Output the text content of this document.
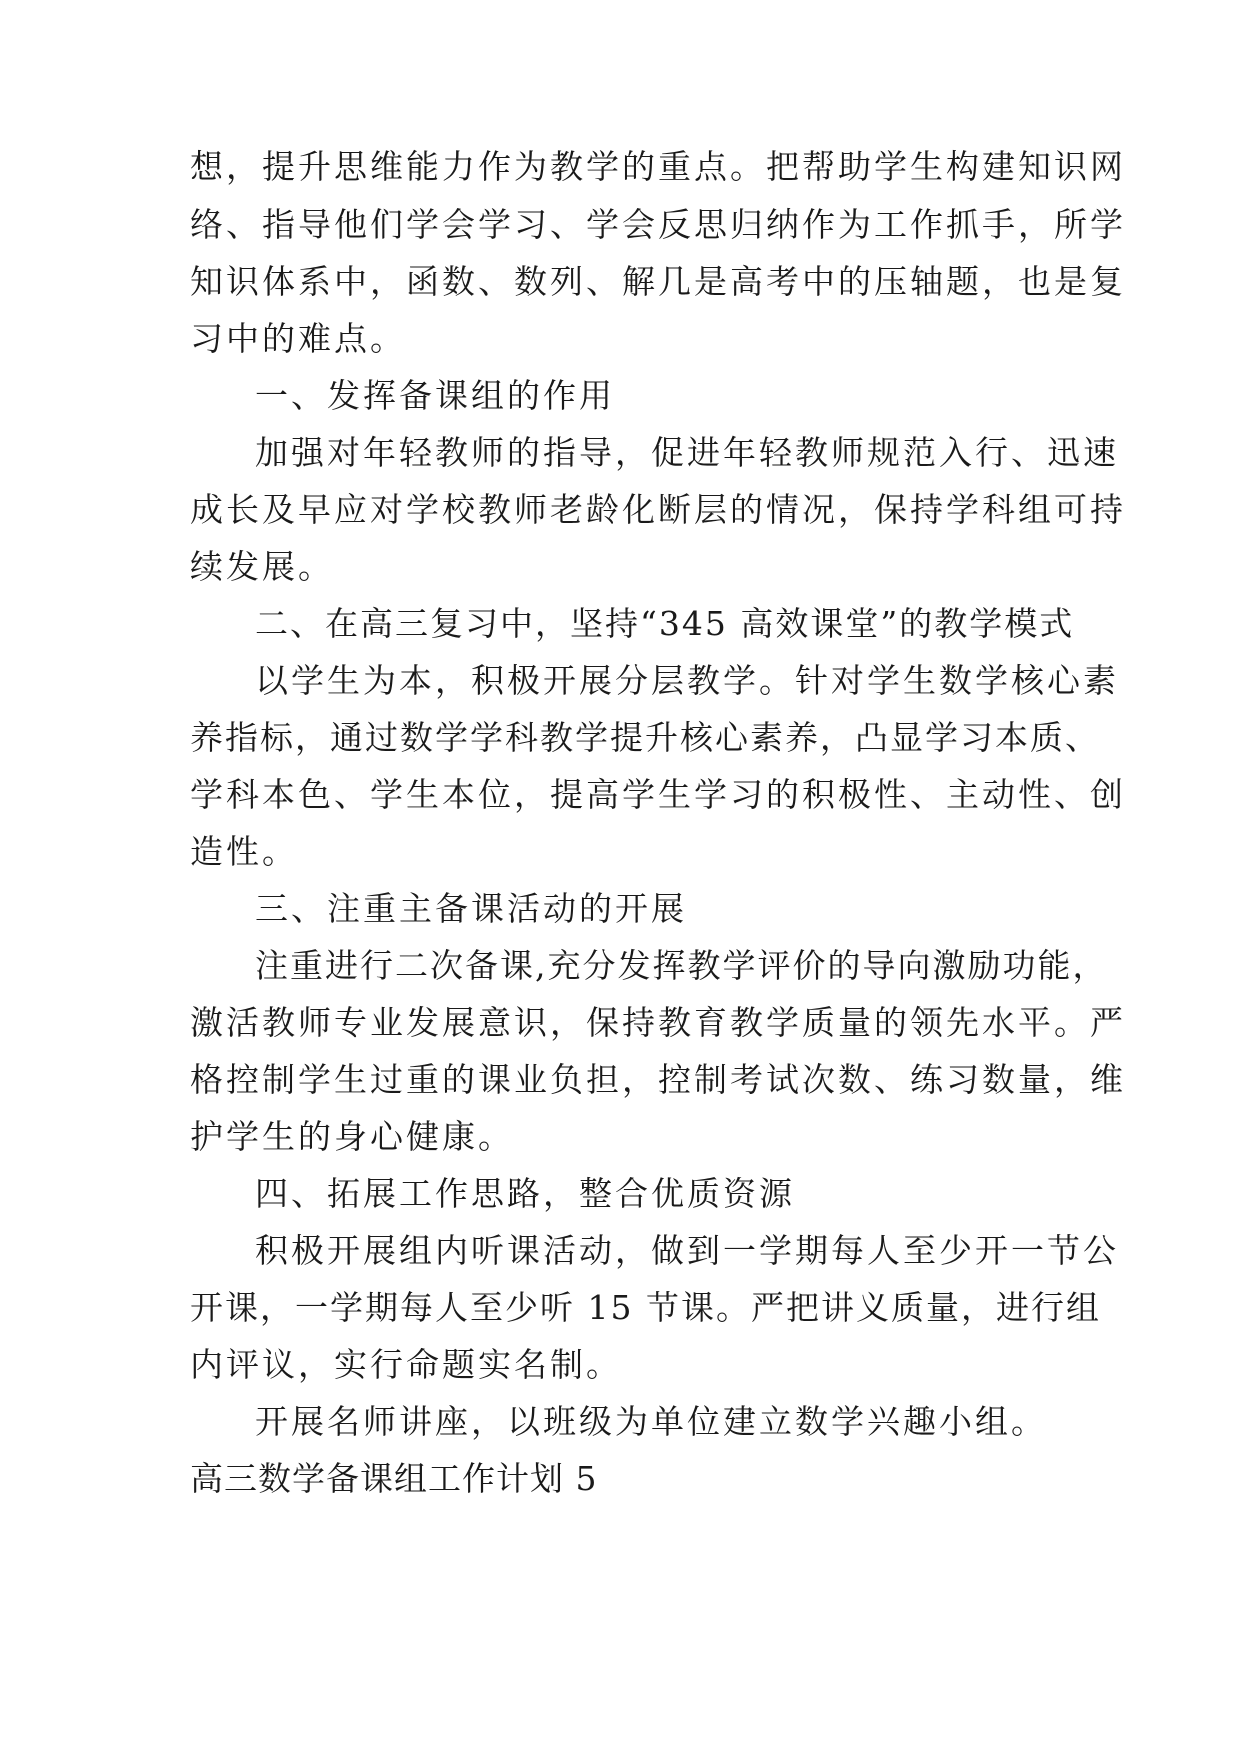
想，提升思维能力作为教学的重点。把帮助学生构建知识网
络、指导他们学会学习、学会反思归纳作为工作抓手，所学
知识体系中，函数、数列、解几是高考中的压轴题，也是复
习中的难点。
一、发挥备课组的作用
加强对年轻教师的指导，促进年轻教师规范入行、迅速
成长及早应对学校教师老龄化断层的情况，保持学科组可持
续发展。
二、在高三复习中，坚持“345 高效课堂”的教学模式
以学生为本，积极开展分层教学。针对学生数学核心素
养指标，通过数学学科教学提升核心素养，凸显学习本质、
学科本色、学生本位，提高学生学习的积极性、主动性、创
造性。
三、注重主备课活动的开展
注重进行二次备课,充分发挥教学评价的导向激励功能，
激活教师专业发展意识，保持教育教学质量的领先水平。严
格控制学生过重的课业负担，控制考试次数、练习数量，维
护学生的身心健康。
四、拓展工作思路，整合优质资源
积极开展组内听课活动，做到一学期每人至少开一节公
开课，一学期每人至少听 15 节课。严把讲义质量，进行组
内评议，实行命题实名制。
开展名师讲座，以班级为单位建立数学兴趣小组。
高三数学备课组工作计划 5
